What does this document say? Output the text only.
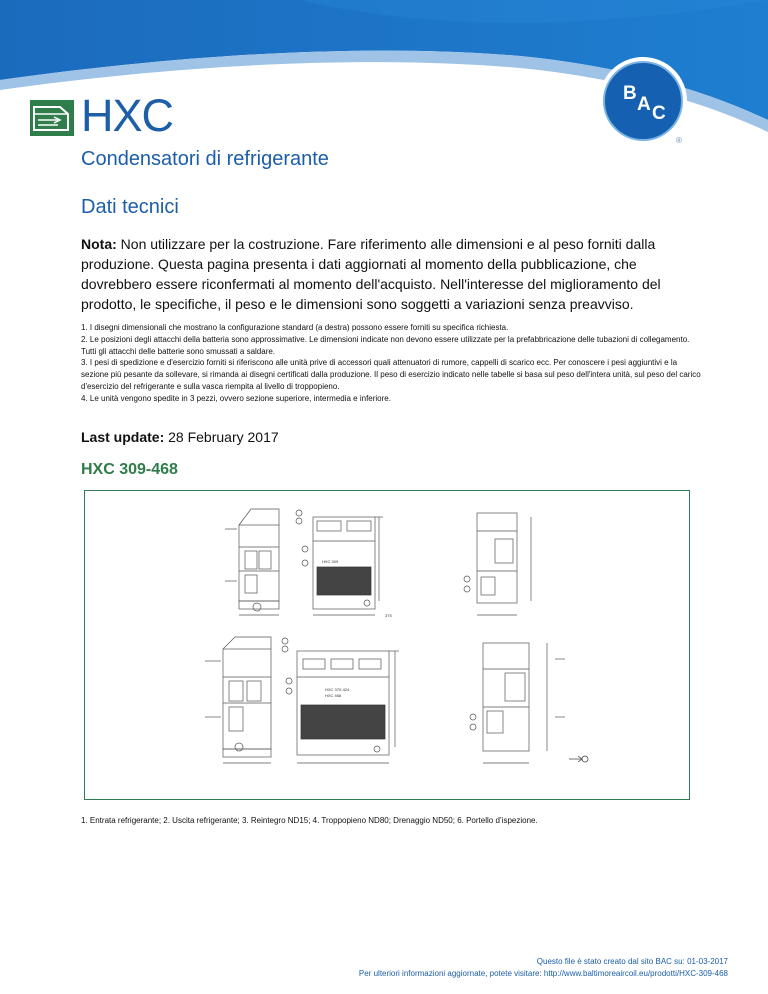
B
A C
®
HXC
Condensatori di refrigerante
Dati tecnici
Nota: Non utilizzare per la costruzione. Fare riferimento alle dimensioni e al peso forniti dalla produzione. Questa pagina presenta i dati aggiornati al momento della pubblicazione, che dovrebbero essere riconfermati al momento dell'acquisto. Nell'interesse del miglioramento del prodotto, le specifiche, il peso e le dimensioni sono soggetti a variazioni senza preavviso.

1. I disegni dimensionali che mostrano la configurazione standard (a destra) possono essere forniti su specifica richiesta.

2. Le posizioni degli attacchi della batteria sono approssimative. Le dimensioni indicate non devono essere utilizzate per la prefabbricazione delle tubazioni di collegamento. Tutti gli attacchi delle batterie sono smussati a saldare.

3. I pesi di spedizione e d'esercizio forniti si riferiscono alle unità prive di accessori quali attenuatori di rumore, cappelli di scarico ecc. Per conoscere i pesi aggiuntivi e la sezione più pesante da sollevare, si rimanda ai disegni certificati dalla produzione. Il peso di esercizio indicato nelle tabelle si basa sul peso dell'intera unità, sul peso del carico d'esercizio del refrigerante e sulla vasca riempita al livello di troppopieno.

4. Le unità vengono spedite in 3 pezzi, ovvero sezione superiore, intermedia e inferiore.

Last update: 28 February 2017
HXC 309-468
HXC 309
HXC 370-424
HXC 468
375
1. Entrata refrigerante; 2. Uscita refrigerante; 3. Reintegro ND15; 4. Troppopieno ND80; Drenaggio ND50; 6. Portello d’ispezione.
Questo file è stato creato dal sito BAC su: 01-03-2017
Per ulteriori informazioni aggiornate, potete visitare: http://www.baltimoreaircoil.eu/prodotti/HXC-309-468
